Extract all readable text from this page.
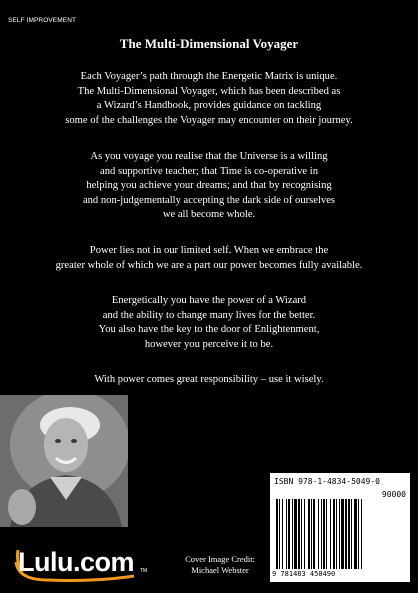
SELF IMPROVEMENT
The Multi-Dimensional Voyager
Each Voyager’s path through the Energetic Matrix is unique.
The Multi-Dimensional Voyager, which has been described as
a Wizard’s Handbook, provides guidance on tackling
some of the challenges the Voyager may encounter on their journey.
As you voyage you realise that the Universe is a willing
and supportive teacher; that Time is co-operative in
helping you achieve your dreams; and that by recognising
and non-judgementally accepting the dark side of ourselves
we all become whole.
Power lies not in our limited self. When we embrace the
greater whole of which we are a part our power becomes fully available.
Energetically you have the power of a Wizard
and the ability to change many lives for the better.
You also have the key to the door of Enlightenment,
however you perceive it to be.
With power comes great responsibility – use it wisely.
ISBN 978-1-4834-5049-0
90000
9 781483 450490
Lulu.com TM
Cover Image Credit:
Michael Webster
